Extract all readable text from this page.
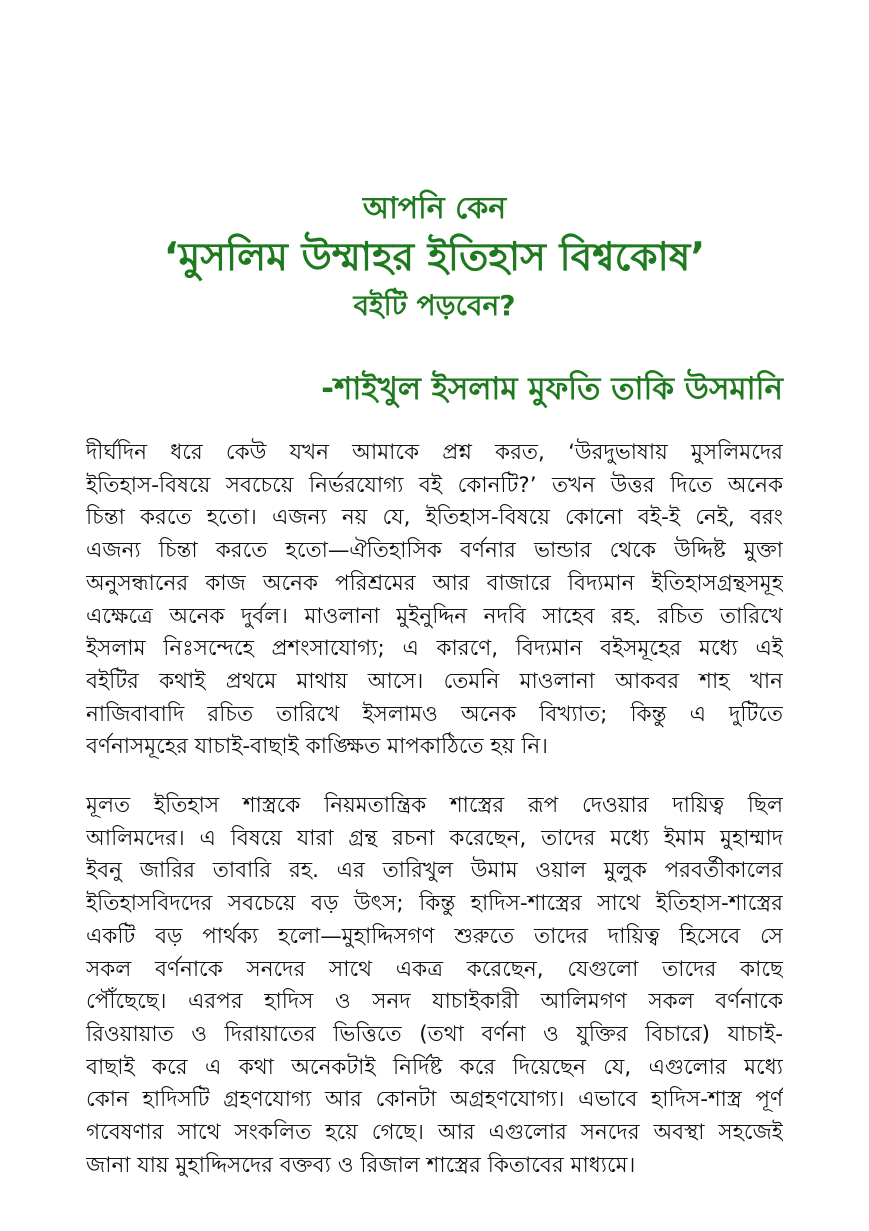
আপনি কেন
‘মুসলিম উম্মাহর ইতিহাস বিশ্বকোষ’
বইটি পড়বেন?
-শাইখুল ইসলাম মুফতি তাকি উসমানি
দীর্ঘদিন ধরে কেউ যখন আমাকে প্রশ্ন করত, ‘উরদুভাষায় মুসলিমদের
ইতিহাস-বিষয়ে সবচেয়ে নির্ভরযোগ্য বই কোনটি?’ তখন উত্তর দিতে অনেক
চিন্তা করতে হতো। এজন্য নয় যে, ইতিহাস-বিষয়ে কোনো বই-ই নেই, বরং
এজন্য চিন্তা করতে হতো—ঐতিহাসিক বর্ণনার ভান্ডার থেকে উদ্দিষ্ট মুক্তা
অনুসন্ধানের কাজ অনেক পরিশ্রমের আর বাজারে বিদ্যমান ইতিহাসগ্রন্থসমূহ
এক্ষেত্রে অনেক দুর্বল। মাওলানা মুইনুদ্দিন নদবি সাহেব রহ. রচিত তারিখে
ইসলাম নিঃসন্দেহে প্রশংসাযোগ্য; এ কারণে, বিদ্যমান বইসমূহের মধ্যে এই
বইটির কথাই প্রথমে মাথায় আসে। তেমনি মাওলানা আকবর শাহ খান
নাজিবাবাদি রচিত তারিখে ইসলামও অনেক বিখ্যাত; কিন্তু এ দুটিতে
বর্ণনাসমূহের যাচাই-বাছাই কাঙ্ক্ষিত মাপকাঠিতে হয় নি।
মূলত ইতিহাস শাস্ত্রকে নিয়মতান্ত্রিক শাস্ত্রের রূপ দেওয়ার দায়িত্ব ছিল
আলিমদের। এ বিষয়ে যারা গ্রন্থ রচনা করেছেন, তাদের মধ্যে ইমাম মুহাম্মাদ
ইবনু জারির তাবারি রহ. এর তারিখুল উমাম ওয়াল মুলুক পরবর্তীকালের
ইতিহাসবিদদের সবচেয়ে বড় উৎস; কিন্তু হাদিস-শাস্ত্রের সাথে ইতিহাস-শাস্ত্রের
একটি বড় পার্থক্য হলো—মুহাদ্দিসগণ শুরুতে তাদের দায়িত্ব হিসেবে সে
সকল বর্ণনাকে সনদের সাথে একত্র করেছেন, যেগুলো তাদের কাছে
পৌঁছেছে। এরপর হাদিস ও সনদ যাচাইকারী আলিমগণ সকল বর্ণনাকে
রিওয়ায়াত ও দিরায়াতের ভিত্তিতে (তথা বর্ণনা ও যুক্তির বিচারে) যাচাই-
বাছাই করে এ কথা অনেকটাই নির্দিষ্ট করে দিয়েছেন যে, এগুলোর মধ্যে
কোন হাদিসটি গ্রহণযোগ্য আর কোনটা অগ্রহণযোগ্য। এভাবে হাদিস-শাস্ত্র পূর্ণ
গবেষণার সাথে সংকলিত হয়ে গেছে। আর এগুলোর সনদের অবস্থা সহজেই
জানা যায় মুহাদ্দিসদের বক্তব্য ও রিজাল শাস্ত্রের কিতাবের মাধ্যমে।
